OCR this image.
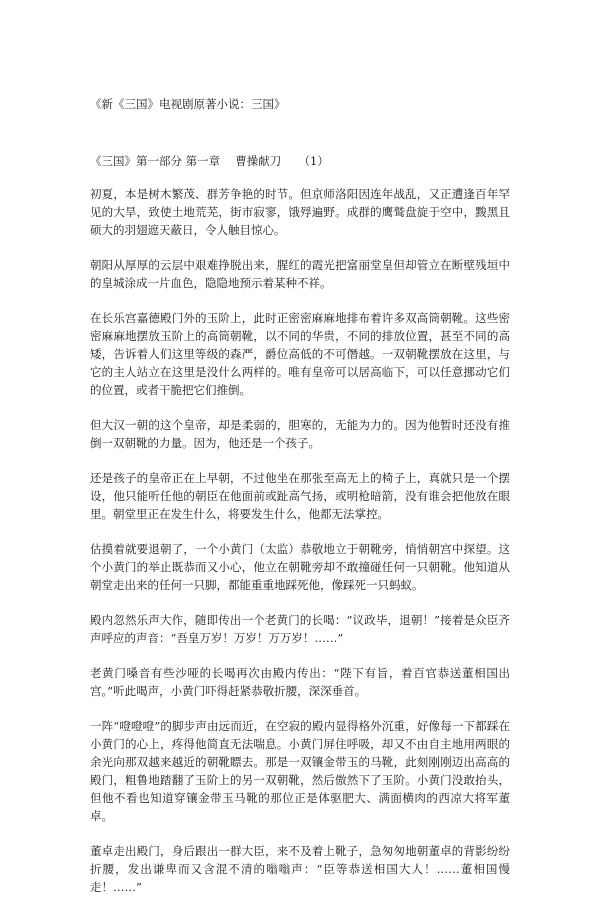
《新《三国》电视剧原著小说：三国》
《三国》第一部分 第一章　 曹操献刀　　（1）

初夏，本是树木繁茂、群芳争艳的时节。但京师洛阳因连年战乱，又正遭逢百年罕见的大旱，致使土地荒芜，街市寂寥，饿殍遍野。成群的鹰鹫盘旋于空中，黢黑且硕大的羽翅遮天蔽日，令人触目惊心。

朝阳从厚厚的云层中艰难挣脱出来，腥红的霞光把富丽堂皇但却管立在断壁残垣中的皇城涂成一片血色，隐隐地预示着某种不祥。

在长乐宫嘉德殿门外的玉阶上，此时正密密麻麻地排布着许多双高筒朝靴。这些密密麻麻地摆放玉阶上的高筒朝靴，以不同的华贵，不同的排放位置，甚至不同的高矮，告诉着人们这里等级的森严，爵位高低的不可僭越。一双朝靴摆放在这里，与它的主人站立在这里是没什么两样的。唯有皇帝可以居高临下，可以任意挪动它们的位置，或者干脆把它们推倒。

但大汉一朝的这个皇帝，却是柔弱的，胆寒的，无能为力的。因为他暂时还没有推倒一双朝靴的力量。因为，他还是一个孩子。

还是孩子的皇帝正在上早朝，不过他坐在那张至高无上的椅子上，真就只是一个摆设，他只能听任他的朝臣在他面前或趾高气扬，或明枪暗箭，没有谁会把他放在眼里。朝堂里正在发生什么，将要发生什么，他都无法掌控。

估摸着就要退朝了，一个小黄门（太监）恭敬地立于朝靴旁，悄悄朝宫中探望。这个小黄门的举止既恭而又小心，他立在朝靴旁却不敢撞碰任何一只朝靴。他知道从朝堂走出来的任何一只脚，都能重重地踩死他，像踩死一只蚂蚁。

殿内忽然乐声大作，随即传出一个老黄门的长喝：“议政毕，退朝！”接着是众臣齐声呼应的声音：“吾皇万岁！万岁！万万岁！……”

老黄门嗓音有些沙哑的长喝再次由殿内传出：“陛下有旨，着百官恭送董相国出宫。”听此喝声，小黄门吓得赶紧恭敬折腰，深深垂首。

一阵“噔噔噔”的脚步声由远而近，在空寂的殿内显得格外沉重，好像每一下都踩在小黄门的心上，疼得他简直无法喘息。小黄门屏住呼吸，却又不由自主地用两眼的余光向那双越来越近的朝靴瞟去。那是一双镶金带玉的马靴，此刻刚刚迈出高高的殿门，粗鲁地踏翻了玉阶上的另一双朝靴，然后傲然下了玉阶。小黄门没敢抬头，但他不看也知道穿镶金带玉马靴的那位正是体驱肥大、满面横肉的西凉大将军董卓。

董卓走出殿门，身后跟出一群大臣，来不及着上靴子，急匆匆地朝董卓的背影纷纷折腰，发出谦卑而又含混不清的嗡嗡声：“臣等恭送相国大人！……董相国慢走！……”
